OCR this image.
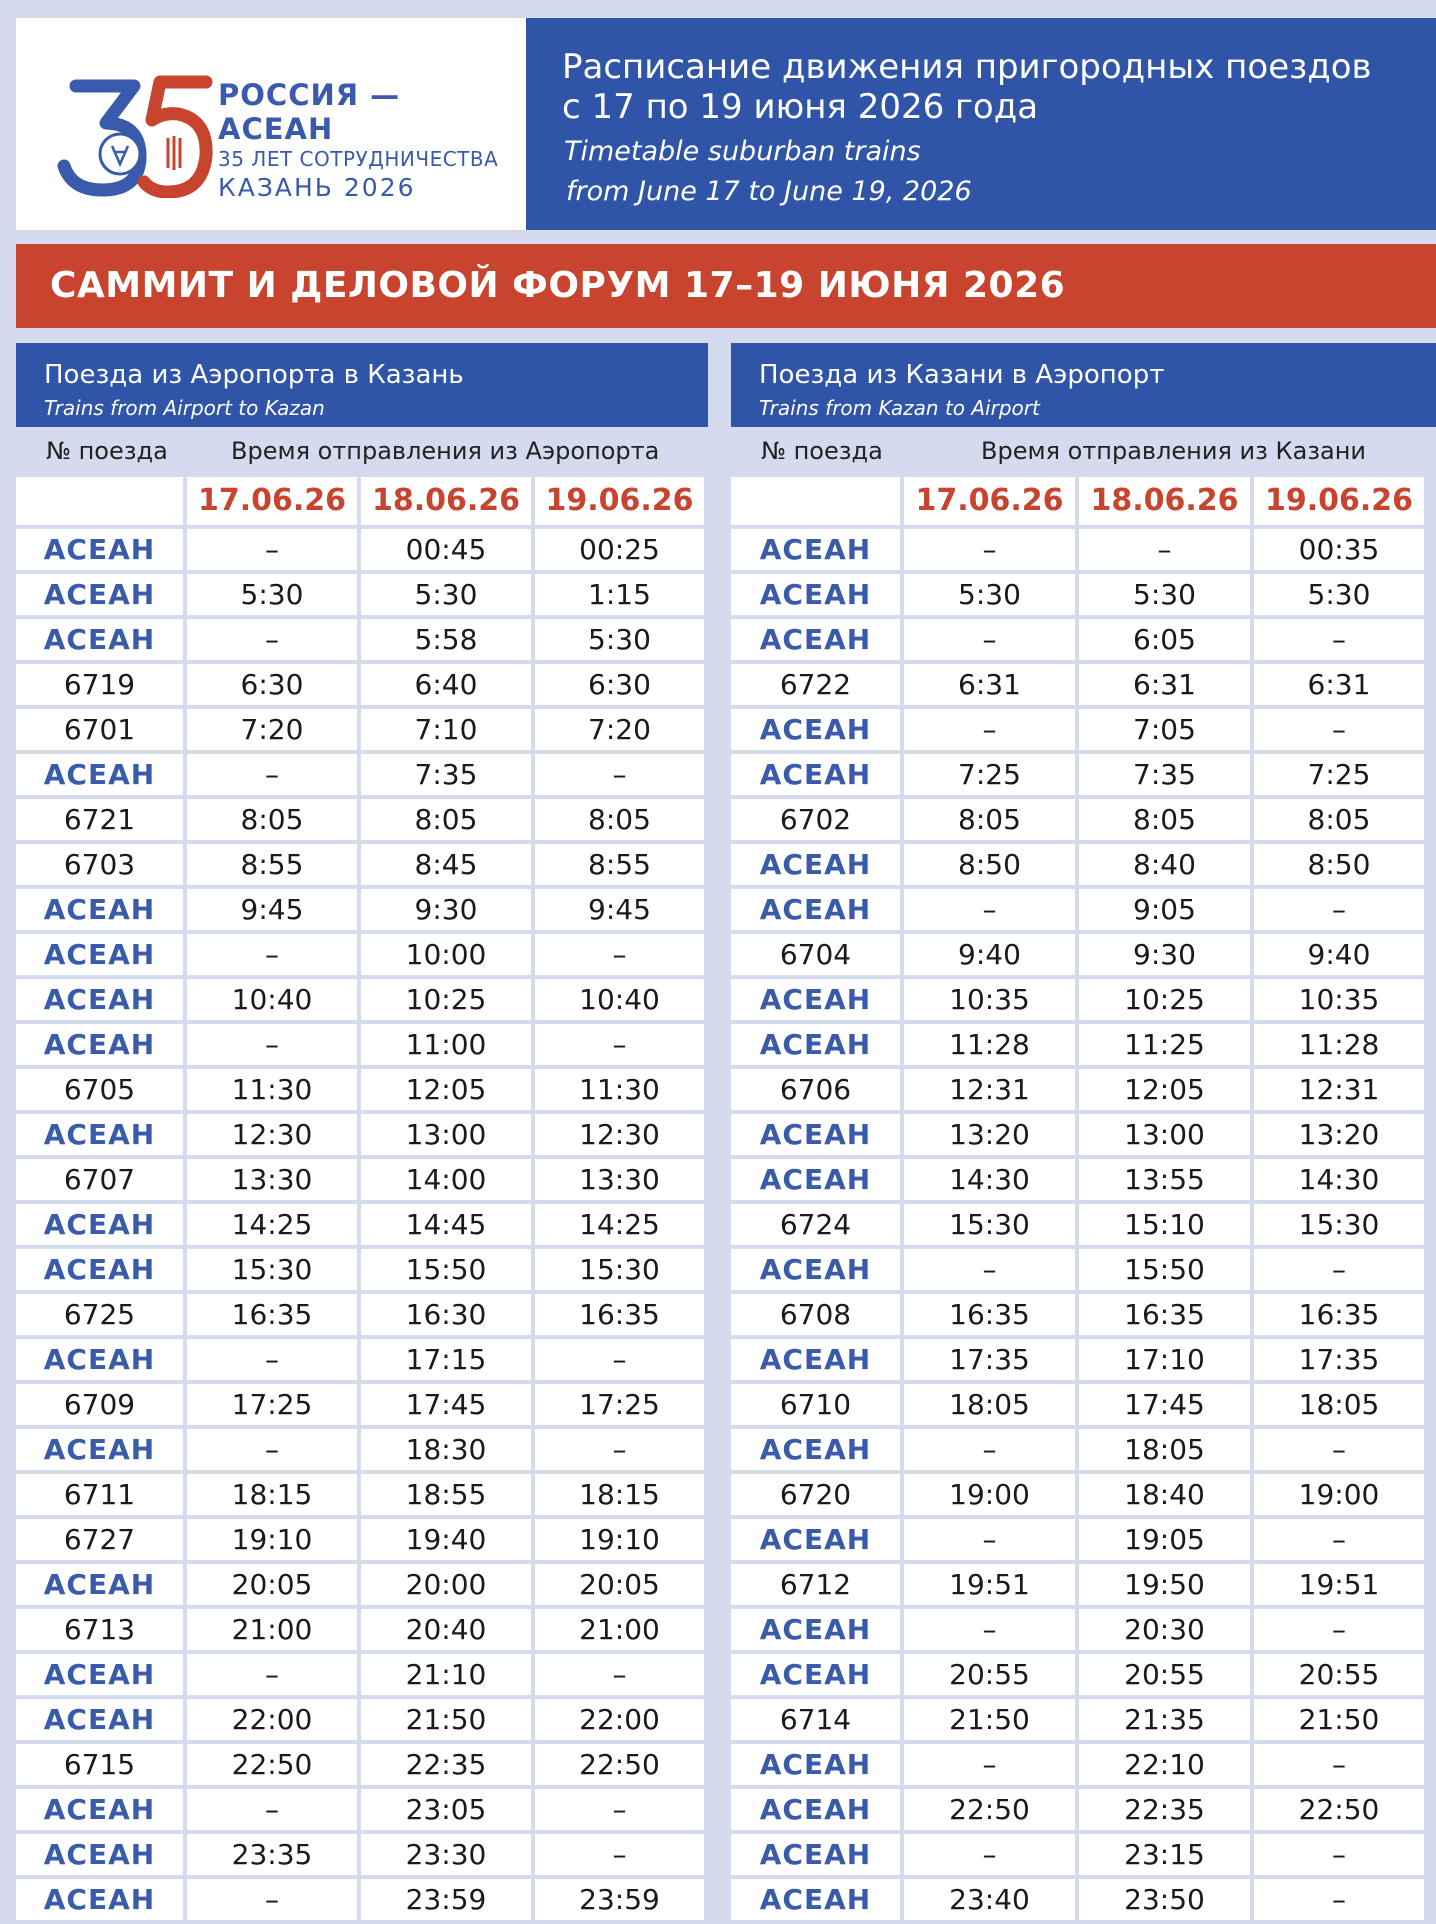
РОССИЯ — АСЕАН
35 ЛЕТ СОТРУДНИЧЕСТВА
КАЗАНЬ 2026
Расписание движения пригородных поездов
с 17 по 19 июня 2026 года
Timetable suburban trains
from June 17 to June 19, 2026
САММИТ И ДЕЛОВОЙ ФОРУМ 17–19 ИЮНЯ 2026
Поезда из Аэропорта в Казань
Trains from Airport to Kazan
№ поезда	Время отправления из Аэропорта
	17.06.26	18.06.26	19.06.26
АСЕАН	–	00:45	00:25
АСЕАН	5:30	5:30	1:15
АСЕАН	–	5:58	5:30
6719	6:30	6:40	6:30
6701	7:20	7:10	7:20
АСЕАН	–	7:35	–
6721	8:05	8:05	8:05
6703	8:55	8:45	8:55
АСЕАН	9:45	9:30	9:45
АСЕАН	–	10:00	–
АСЕАН	10:40	10:25	10:40
АСЕАН	–	11:00	–
6705	11:30	12:05	11:30
АСЕАН	12:30	13:00	12:30
6707	13:30	14:00	13:30
АСЕАН	14:25	14:45	14:25
АСЕАН	15:30	15:50	15:30
6725	16:35	16:30	16:35
АСЕАН	–	17:15	–
6709	17:25	17:45	17:25
АСЕАН	–	18:30	–
6711	18:15	18:55	18:15
6727	19:10	19:40	19:10
АСЕАН	20:05	20:00	20:05
6713	21:00	20:40	21:00
АСЕАН	–	21:10	–
АСЕАН	22:00	21:50	22:00
6715	22:50	22:35	22:50
АСЕАН	–	23:05	–
АСЕАН	23:35	23:30	–
АСЕАН	–	23:59	23:59
Поезда из Казани в Аэропорт
Trains from Kazan to Airport
№ поезда	Время отправления из Казани
	17.06.26	18.06.26	19.06.26
АСЕАН	–	–	00:35
АСЕАН	5:30	5:30	5:30
АСЕАН	–	6:05	–
6722	6:31	6:31	6:31
АСЕАН	–	7:05	–
АСЕАН	7:25	7:35	7:25
6702	8:05	8:05	8:05
АСЕАН	8:50	8:40	8:50
АСЕАН	–	9:05	–
6704	9:40	9:30	9:40
АСЕАН	10:35	10:25	10:35
АСЕАН	11:28	11:25	11:28
6706	12:31	12:05	12:31
АСЕАН	13:20	13:00	13:20
АСЕАН	14:30	13:55	14:30
6724	15:30	15:10	15:30
АСЕАН	–	15:50	–
6708	16:35	16:35	16:35
АСЕАН	17:35	17:10	17:35
6710	18:05	17:45	18:05
АСЕАН	–	18:05	–
6720	19:00	18:40	19:00
АСЕАН	–	19:05	–
6712	19:51	19:50	19:51
АСЕАН	–	20:30	–
АСЕАН	20:55	20:55	20:55
6714	21:50	21:35	21:50
АСЕАН	–	22:10	–
АСЕАН	22:50	22:35	22:50
АСЕАН	–	23:15	–
АСЕАН	23:40	23:50	–
